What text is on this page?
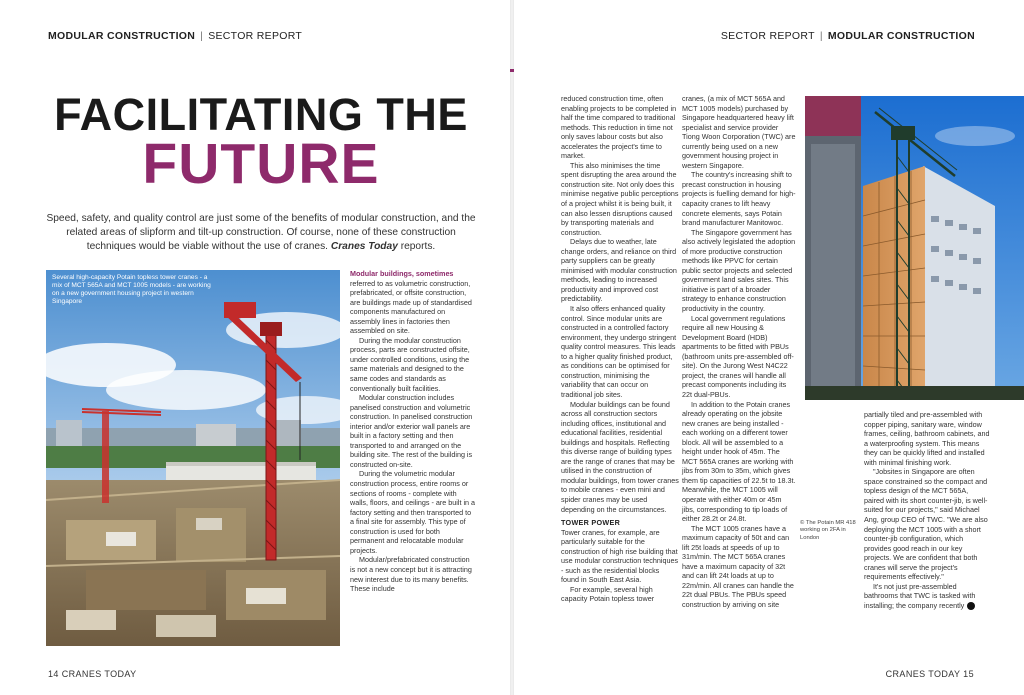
MODULAR CONSTRUCTION | SECTOR REPORT
FACILITATING THE
FUTURE

Speed, safety, and quality control are just some of the benefits of modular construction, and the related areas of slipform and tilt-up construction. Of course, none of these construction techniques would be viable without the use of cranes. Cranes Today reports.

Several high-capacity Potain topless tower cranes - a mix of MCT 565A and MCT 1005 models - are working on a new government housing project in western Singapore

Modular buildings, sometimes
referred to as volumetric construction, prefabricated, or offsite construction, are buildings made up of standardised components manufactured on assembly lines in factories then assembled on site.

During the modular construction process, parts are constructed offsite, under controlled conditions, using the same materials and designed to the same codes and standards as conventionally built facilities.

Modular construction includes panelised construction and volumetric construction. In panelised construction interior and/or exterior wall panels are built in a factory setting and then transported to and arranged on the building site. The rest of the building is constructed on-site.

During the volumetric modular construction process, entire rooms or sections of rooms - complete with walls, floors, and ceilings - are built in a factory setting and then transported to a final site for assembly. This type of construction is used for both permanent and relocatable modular projects.

Modular/prefabricated construction is not a new concept but it is attracting new interest due to its many benefits. These include

14 CRANES TODAY
SECTOR REPORT | MODULAR CONSTRUCTION

reduced construction time, often enabling projects to be completed in half the time compared to traditional methods. This reduction in time not only saves labour costs but also accelerates the project's time to market.

This also minimises the time spent disrupting the area around the construction site. Not only does this minimise negative public perceptions of a project whilst it is being built, it can also lessen disruptions caused by transporting materials and construction.

Delays due to weather, late change orders, and reliance on third party suppliers can be greatly minimised with modular construction methods, leading to increased productivity and improved cost predictability.

It also offers enhanced quality control. Since modular units are constructed in a controlled factory environment, they undergo stringent quality control measures. This leads to a higher quality finished product, as conditions can be optimised for construction, minimising the variability that can occur on traditional job sites.

Modular buildings can be found across all construction sectors including offices, institutional and educational facilities, residential buildings and hospitals. Reflecting this diverse range of building types are the range of cranes that may be utilised in the construction of modular buildings, from tower cranes to mobile cranes - even mini and spider cranes may be used depending on the circumstances.

TOWER POWER

Tower cranes, for example, are particularly suitable for the construction of high rise building that use modular construction techniques - such as the residential blocks found in South East Asia.

For example, several high capacity Potain topless tower

cranes, (a mix of MCT 565A and MCT 1005 models) purchased by Singapore headquartered heavy lift specialist and service provider Tiong Woon Corporation (TWC) are currently being used on a new government housing project in western Singapore.

The country's increasing shift to precast construction in housing projects is fuelling demand for high-capacity cranes to lift heavy concrete elements, says Potain brand manufacturer Manitowoc.

The Singapore government has also actively legislated the adoption of more productive construction methods like PPVC for certain public sector projects and selected government land sales sites. This initiative is part of a broader strategy to enhance construction productivity in the country.

Local government regulations require all new Housing & Development Board (HDB) apartments to be fitted with PBUs (bathroom units pre-assembled off-site). On the Jurong West N4C22 project, the cranes will handle all precast components including its 22t dual-PBUs.

In addition to the Potain cranes already operating on the jobsite new cranes are being installed - each working on a different tower block. All will be assembled to a height under hook of 45m. The MCT 565A cranes are working with jibs from 30m to 35m, which gives them tip capacities of 22.5t to 18.3t. Meanwhile, the MCT 1005 will operate with either 40m or 45m jibs, corresponding to tip loads of either 28.2t or 24.8t.

The MCT 1005 cranes have a maximum capacity of 50t and can lift 25t loads at speeds of up to 31m/min. The MCT 565A cranes have a maximum capacity of 32t and can lift 24t loads at up to 22m/min. All cranes can handle the 22t dual PBUs. The PBUs speed construction by arriving on site

© The Potain MR 418 working on 2FA in London

partially tiled and pre-assembled with copper piping, sanitary ware, window frames, ceiling, bathroom cabinets, and a waterproofing system. This means they can be quickly lifted and installed with minimal finishing work.

"Jobsites in Singapore are often space constrained so the compact and topless design of the MCT 565A, paired with its short counter-jib, is well-suited for our projects," said Michael Ang, group CEO of TWC. "We are also deploying the MCT 1005 with a short counter-jib configuration, which provides good reach in our key projects. We are confident that both cranes will serve the project's requirements effectively."

It's not just pre-assembled bathrooms that TWC is tasked with installing; the company recently ›

CRANES TODAY 15
